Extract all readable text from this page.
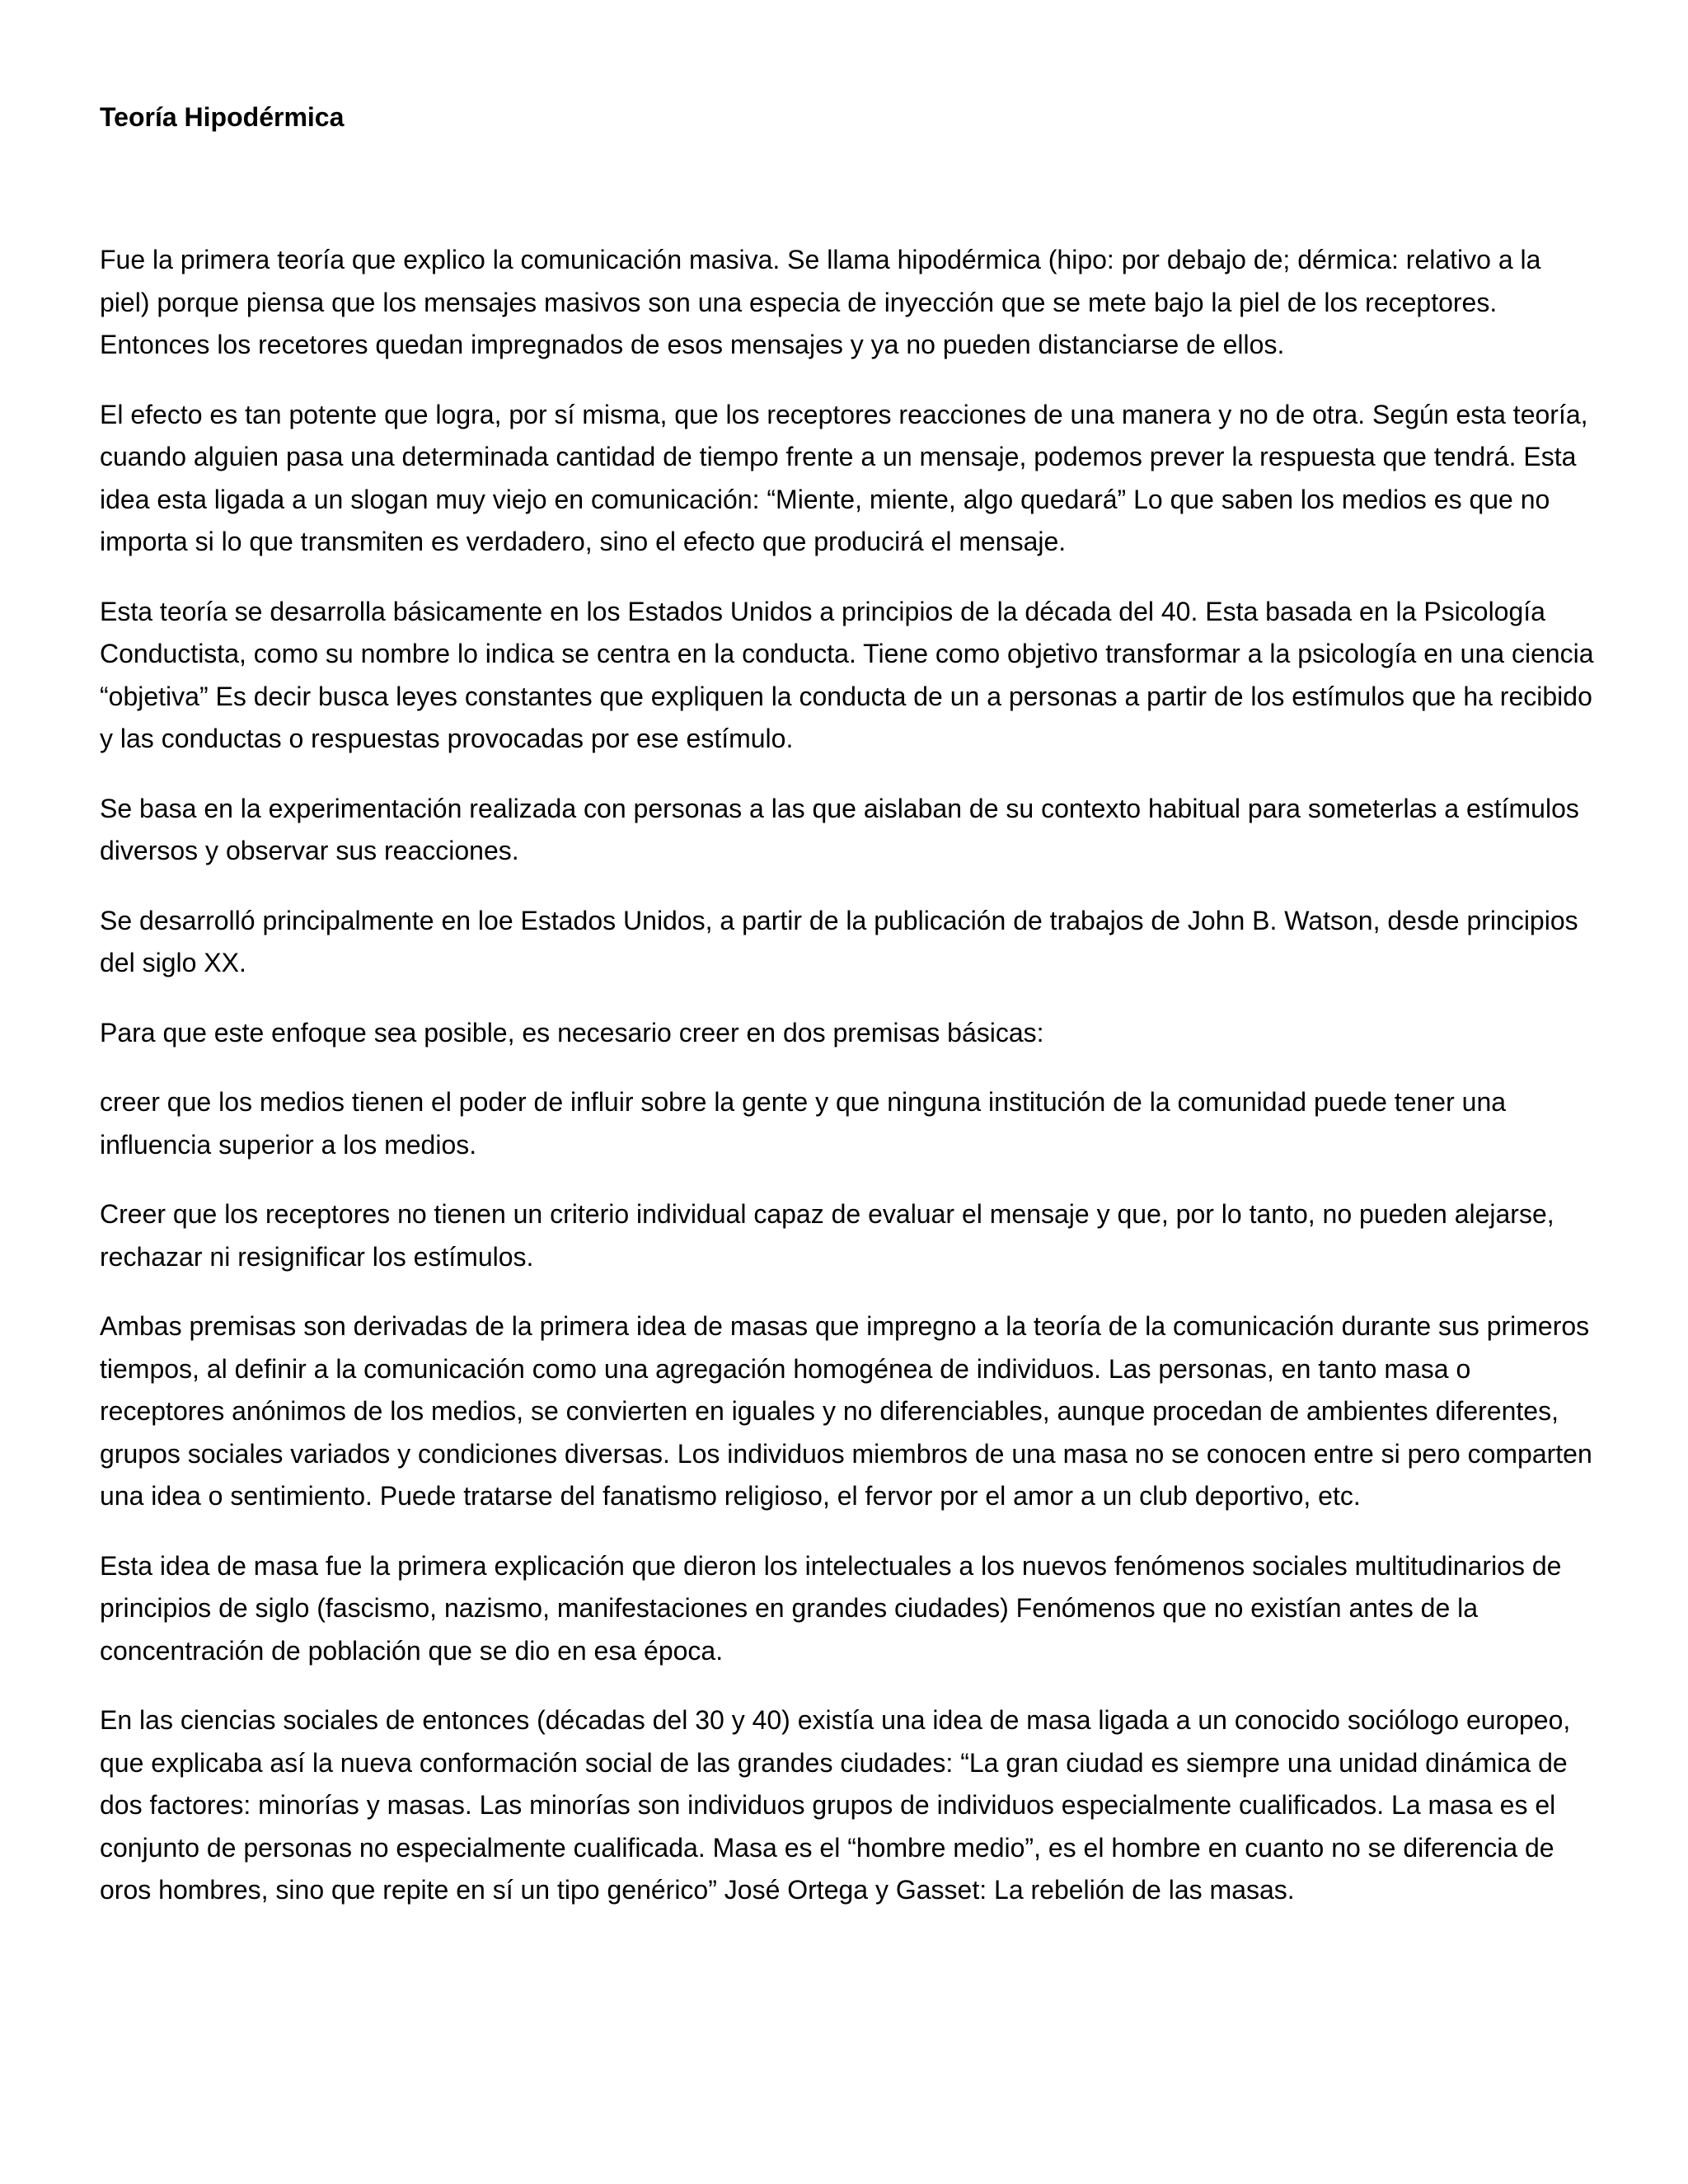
Teoría Hipodérmica

Fue la primera teoría que explico la comunicación masiva. Se llama hipodérmica (hipo: por debajo de; dérmica: relativo a la piel) porque piensa que los mensajes masivos son una especia de inyección que se mete bajo la piel de los receptores. Entonces los recetores quedan impregnados de esos mensajes y ya no pueden distanciarse de ellos.

El efecto es tan potente que logra, por sí misma, que los receptores reacciones de una manera y no de otra. Según esta teoría, cuando alguien pasa una determinada cantidad de tiempo frente a un mensaje, podemos prever la respuesta que tendrá. Esta idea esta ligada a un slogan muy viejo en comunicación: “Miente, miente, algo quedará” Lo que saben los medios es que no importa si lo que transmiten es verdadero, sino el efecto que producirá el mensaje.

Esta teoría se desarrolla básicamente en los Estados Unidos a principios de la década del 40. Esta basada en la Psicología Conductista, como su nombre lo indica se centra en la conducta. Tiene como objetivo transformar a la psicología en una ciencia “objetiva” Es decir busca leyes constantes que expliquen la conducta de un a personas a partir de los estímulos que ha recibido y las conductas o respuestas provocadas por ese estímulo.

Se basa en la experimentación realizada con personas a las que aislaban de su contexto habitual para someterlas a estímulos diversos y observar sus reacciones.

Se desarrolló principalmente en loe Estados Unidos, a partir de la publicación de trabajos de John B. Watson, desde principios del siglo XX.

Para que este enfoque sea posible, es necesario creer en dos premisas básicas:

creer que los medios tienen el poder de influir sobre la gente y que ninguna institución de la comunidad puede tener una influencia superior a los medios.

Creer que los receptores no tienen un criterio individual capaz de evaluar el mensaje y que, por lo tanto, no pueden alejarse, rechazar ni resignificar los estímulos.

Ambas premisas son derivadas de la primera idea de masas que impregno a la teoría de la comunicación durante sus primeros tiempos, al definir a la comunicación como una agregación homogénea de individuos. Las personas, en tanto masa o receptores anónimos de los medios, se convierten en iguales y no diferenciables, aunque procedan de ambientes diferentes, grupos sociales variados y condiciones diversas. Los individuos miembros de una masa no se conocen entre si pero comparten una idea o sentimiento. Puede tratarse del fanatismo religioso, el fervor por el amor a un club deportivo, etc.

Esta idea de masa fue la primera explicación que dieron los intelectuales a los nuevos fenómenos sociales multitudinarios de principios de siglo (fascismo, nazismo, manifestaciones en grandes ciudades) Fenómenos que no existían antes de la concentración de población que se dio en esa época.

En las ciencias sociales de entonces (décadas del 30 y 40) existía una idea de masa ligada a un conocido sociólogo europeo, que explicaba así la nueva conformación social de las grandes ciudades: “La gran ciudad es siempre una unidad dinámica de dos factores: minorías y masas. Las minorías son individuos grupos de individuos especialmente cualificados. La masa es el conjunto de personas no especialmente cualificada. Masa es el “hombre medio”, es el hombre en cuanto no se diferencia de oros hombres, sino que repite en sí un tipo genérico” José Ortega y Gasset: La rebelión de las masas.
